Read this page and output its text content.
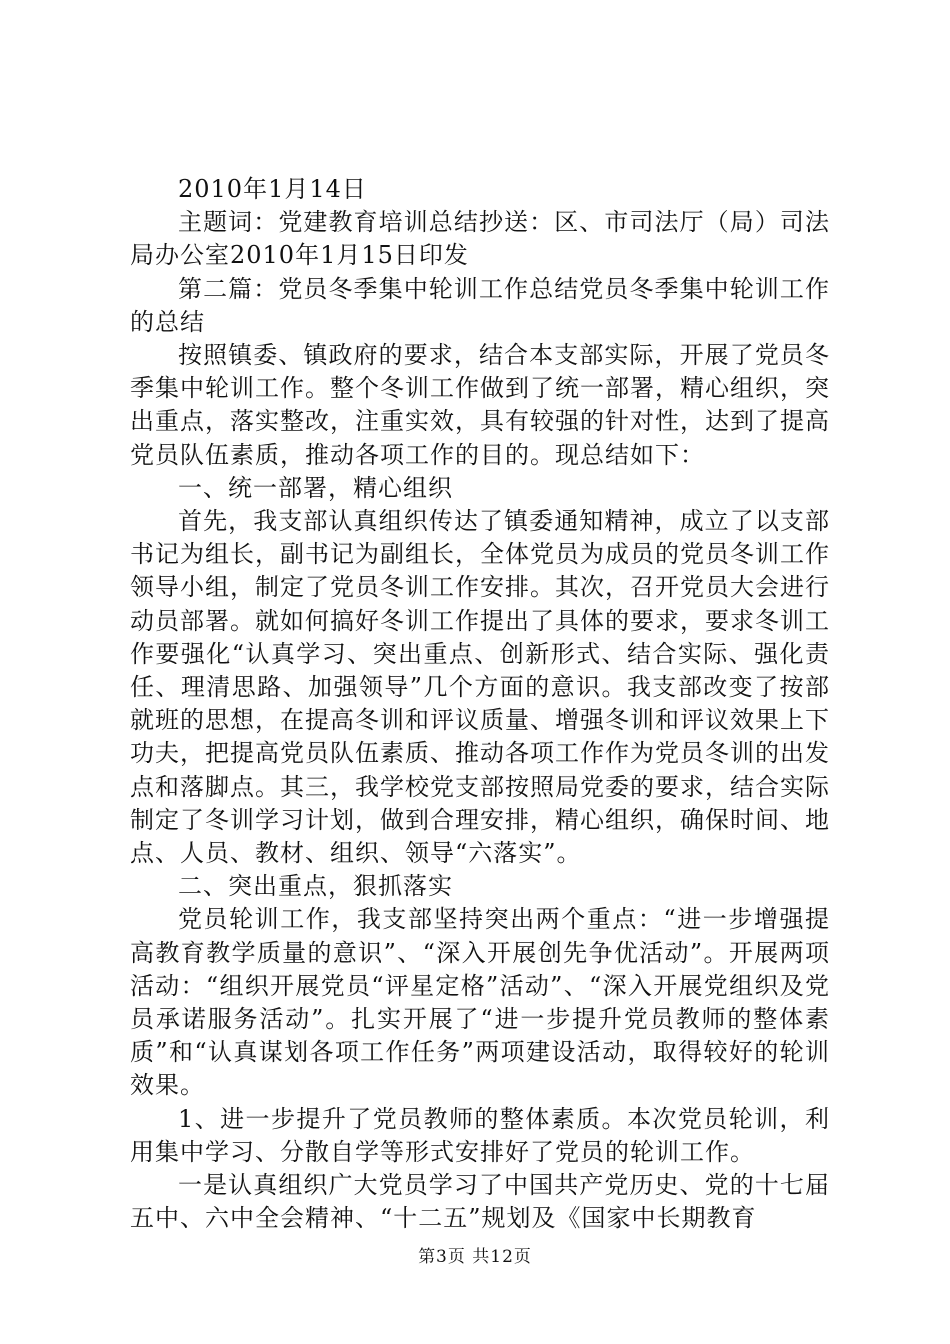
2010年1月14日

主题词：党建教育培训总结抄送：区、市司法厅（局）司法局办公室2010年1月15日印发

第二篇：党员冬季集中轮训工作总结党员冬季集中轮训工作的总结

按照镇委、镇政府的要求，结合本支部实际，开展了党员冬季集中轮训工作。整个冬训工作做到了统一部署，精心组织，突出重点，落实整改，注重实效，具有较强的针对性，达到了提高党员队伍素质，推动各项工作的目的。现总结如下：

一、统一部署，精心组织

首先，我支部认真组织传达了镇委通知精神，成立了以支部书记为组长，副书记为副组长，全体党员为成员的党员冬训工作领导小组，制定了党员冬训工作安排。其次，召开党员大会进行动员部署。就如何搞好冬训工作提出了具体的要求，要求冬训工作要强化“认真学习、突出重点、创新形式、结合实际、强化责任、理清思路、加强领导”几个方面的意识。我支部改变了按部就班的思想，在提高冬训和评议质量、增强冬训和评议效果上下功夫，把提高党员队伍素质、推动各项工作作为党员冬训的出发点和落脚点。其三，我学校党支部按照局党委的要求，结合实际制定了冬训学习计划，做到合理安排，精心组织，确保时间、地点、人员、教材、组织、领导“六落实”。

二、突出重点，狠抓落实

党员轮训工作，我支部坚持突出两个重点：“进一步增强提高教育教学质量的意识”、“深入开展创先争优活动”。开展两项活动：“组织开展党员“评星定格”活动”、“深入开展党组织及党员承诺服务活动”。扎实开展了“进一步提升党员教师的整体素质”和“认真谋划各项工作任务”两项建设活动，取得较好的轮训效果。

1、进一步提升了党员教师的整体素质。本次党员轮训，利用集中学习、分散自学等形式安排好了党员的轮训工作。

一是认真组织广大党员学习了中国共产党历史、党的十七届五中、六中全会精神、“十二五”规划及《国家中长期教育

第3页 共12页
